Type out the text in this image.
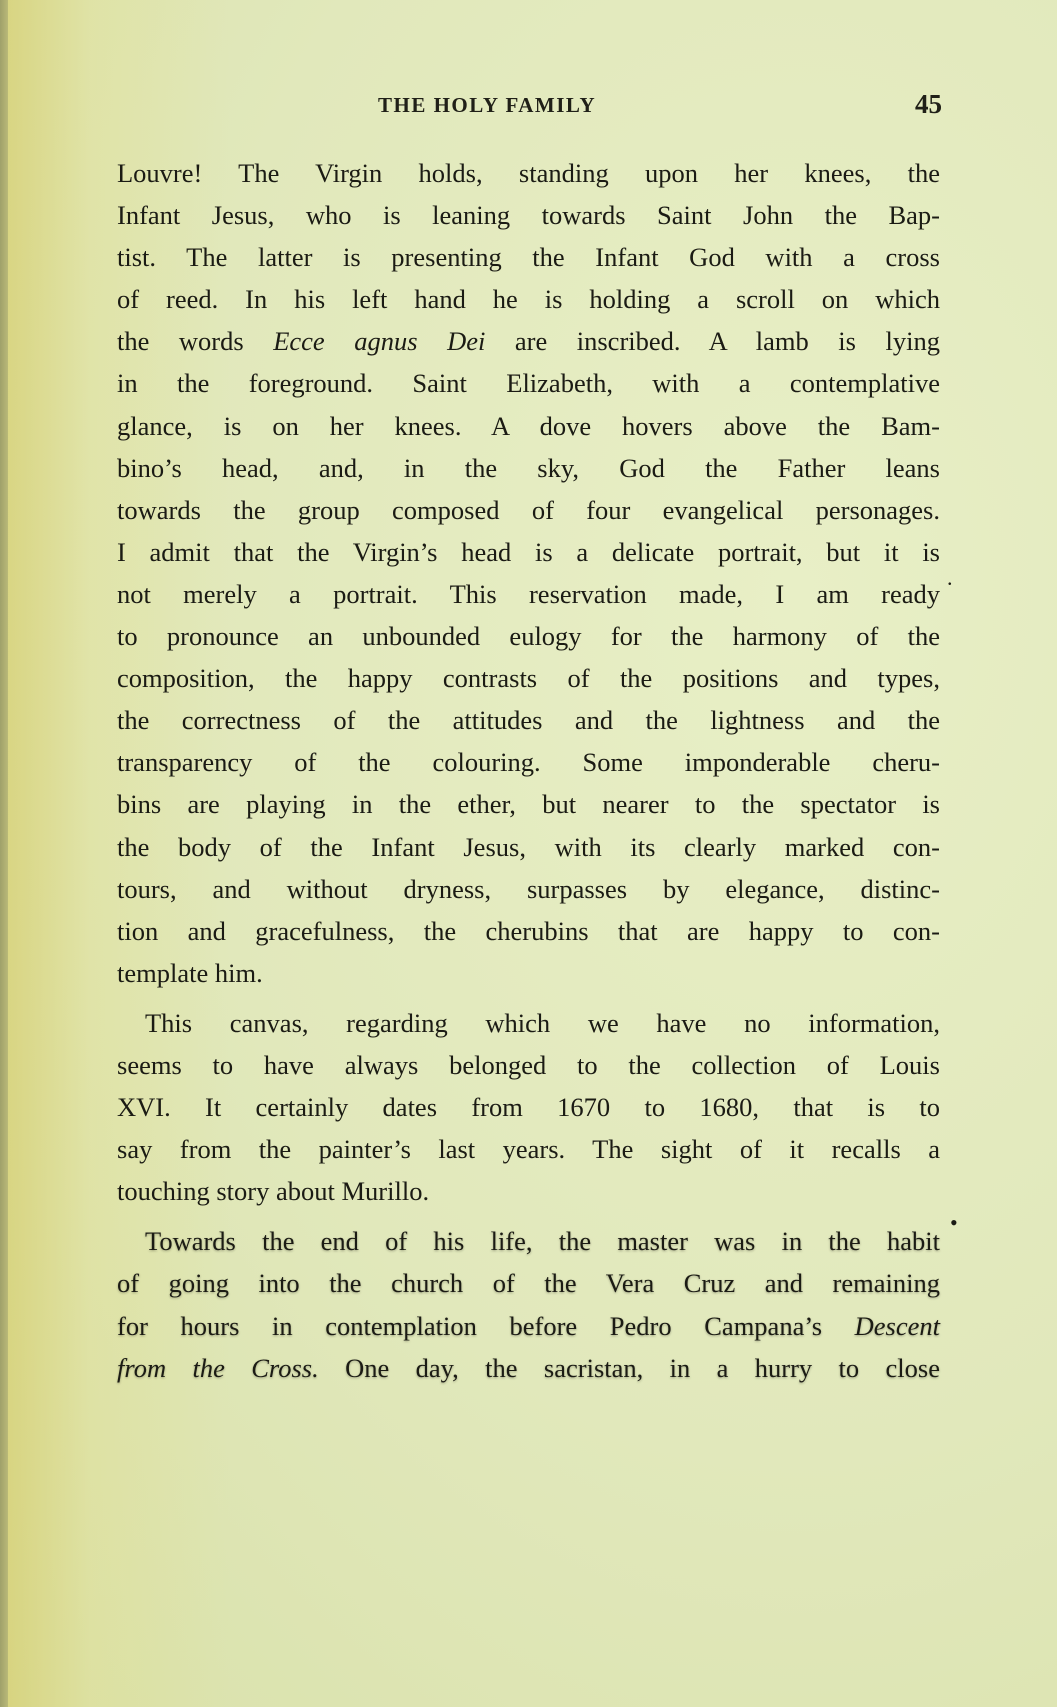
THE HOLY FAMILY	45
Louvre! The Virgin holds, standing upon her knees, the
Infant Jesus, who is leaning towards Saint John the Bap-
tist. The latter is presenting the Infant God with a cross
of reed. In his left hand he is holding a scroll on which
the words Ecce agnus Dei are inscribed. A lamb is lying
in the foreground. Saint Elizabeth, with a contemplative
glance, is on her knees. A dove hovers above the Bam-
bino’s head, and, in the sky, God the Father leans
towards the group composed of four evangelical personages.
I admit that the Virgin’s head is a delicate portrait, but it is
not merely a portrait. This reservation made, I am ready
to pronounce an unbounded eulogy for the harmony of the
composition, the happy contrasts of the positions and types,
the correctness of the attitudes and the lightness and the
transparency of the colouring. Some imponderable cheru-
bins are playing in the ether, but nearer to the spectator is
the body of the Infant Jesus, with its clearly marked con-
tours, and without dryness, surpasses by elegance, distinc-
tion and gracefulness, the cherubins that are happy to con-
template him.
This canvas, regarding which we have no information,
seems to have always belonged to the collection of Louis
XVI. It certainly dates from 1670 to 1680, that is to
say from the painter’s last years. The sight of it recalls a
touching story about Murillo.
Towards the end of his life, the master was in the habit
of going into the church of the Vera Cruz and remaining
for hours in contemplation before Pedro Campana’s Descent
from the Cross. One day, the sacristan, in a hurry to close
.
•
